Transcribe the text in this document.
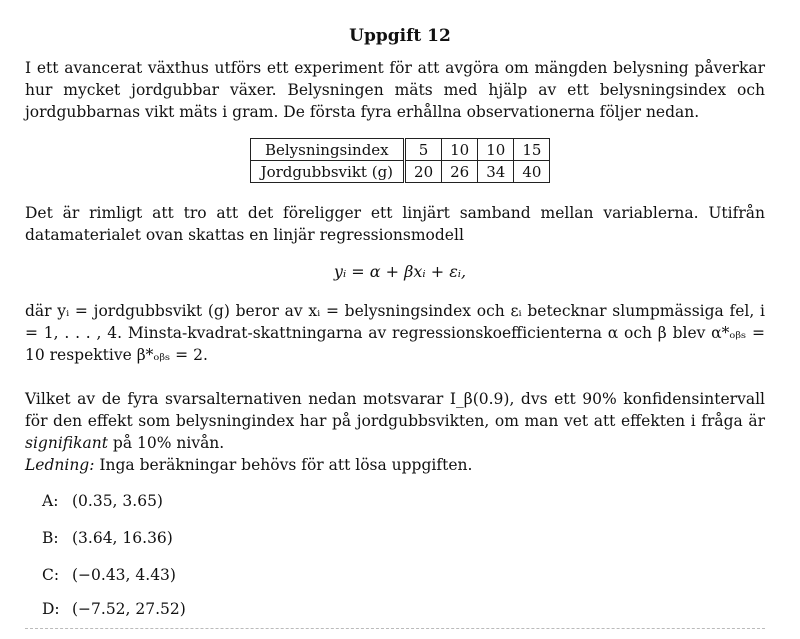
Uppgift 12

I ett avancerat växthus utförs ett experiment för att avgöra om mängden belysning påverkar hur mycket jordgubbar växer. Belysningen mäts med hjälp av ett belysningsindex och jordgubbarnas vikt mäts i gram. De första fyra erhållna observationerna följer nedan.

Belysningsindex	5	10	10	15
Jordgubbsvikt (g)	20	26	34	40

Det är rimligt att tro att det föreligger ett linjärt samband mellan variablerna. Utifrån datamaterialet ovan skattas en linjär regressionsmodell

yᵢ = α + βxᵢ + εᵢ,

där yᵢ = jordgubbsvikt (g) beror av xᵢ = belysningsindex och εᵢ betecknar slumpmässiga fel, i = 1, . . . , 4. Minsta-kvadrat-skattningarna av regressionskoefficienterna α och β blev α*ₒᵦₛ = 10 respektive β*ₒᵦₛ = 2.

Vilket av de fyra svarsalternativen nedan motsvarar I_β(0.9), dvs ett 90% konfidensintervall för den effekt som belysningindex har på jordgubbsvikten, om man vet att effekten i fråga är signifikant på 10% nivån.

Ledning: Inga beräkningar behövs för att lösa uppgiften.

A: (0.35, 3.65)
B: (3.64, 16.36)
C: (−0.43, 4.43)
D: (−7.52, 27.52)
